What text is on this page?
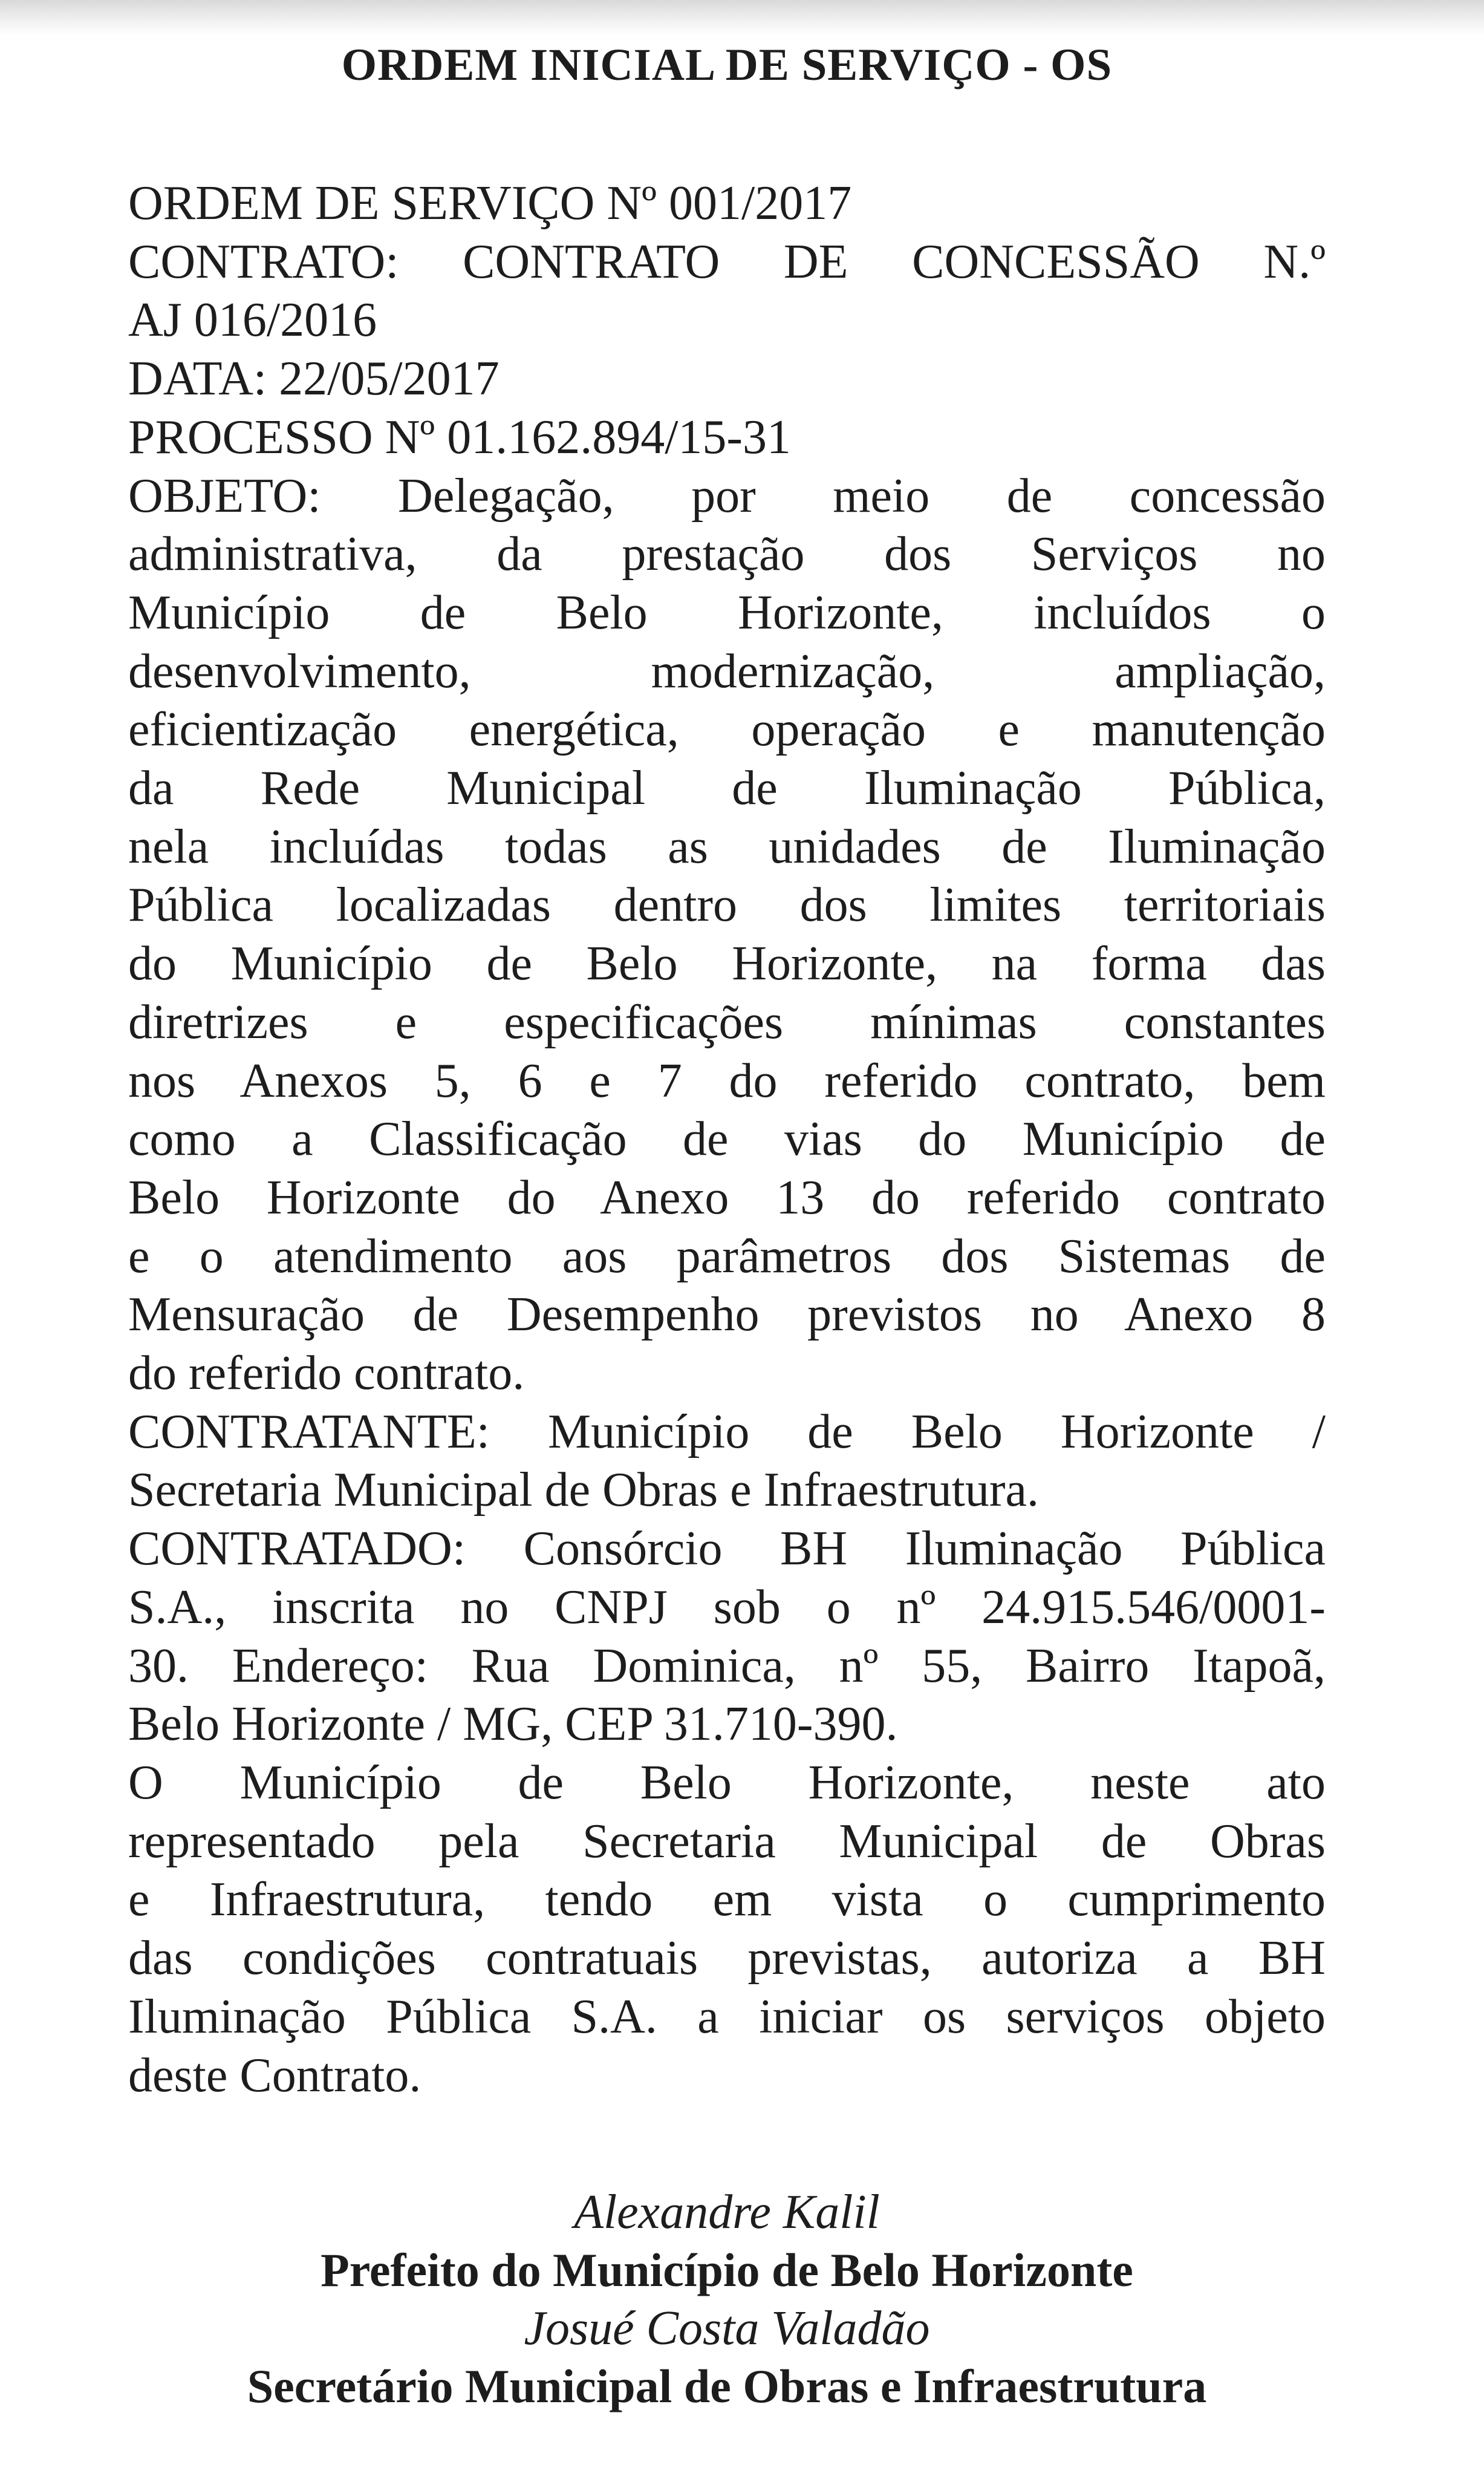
ORDEM INICIAL DE SERVIÇO - OS
ORDEM DE SERVIÇO Nº 001/2017
CONTRATO: CONTRATO DE CONCESSÃO N.º
AJ 016/2016
DATA: 22/05/2017
PROCESSO Nº 01.162.894/15-31
OBJETO: Delegação, por meio de concessão
administrativa, da prestação dos Serviços no
Município de Belo Horizonte, incluídos o
desenvolvimento, modernização, ampliação,
eficientização energética, operação e manutenção
da Rede Municipal de Iluminação Pública,
nela incluídas todas as unidades de Iluminação
Pública localizadas dentro dos limites territoriais
do Município de Belo Horizonte, na forma das
diretrizes e especificações mínimas constantes
nos Anexos 5, 6 e 7 do referido contrato, bem
como a Classificação de vias do Município de
Belo Horizonte do Anexo 13 do referido contrato
e o atendimento aos parâmetros dos Sistemas de
Mensuração de Desempenho previstos no Anexo 8
do referido contrato.
CONTRATANTE: Município de Belo Horizonte /
Secretaria Municipal de Obras e Infraestrutura.
CONTRATADO: Consórcio BH Iluminação Pública
S.A., inscrita no CNPJ sob o nº 24.915.546/0001-
30. Endereço: Rua Dominica, nº 55, Bairro Itapoã,
Belo Horizonte / MG, CEP 31.710-390.
O Município de Belo Horizonte, neste ato
representado pela Secretaria Municipal de Obras
e Infraestrutura, tendo em vista o cumprimento
das condições contratuais previstas, autoriza a BH
Iluminação Pública S.A. a iniciar os serviços objeto
deste Contrato.
Alexandre Kalil
Prefeito do Município de Belo Horizonte
Josué Costa Valadão
Secretário Municipal de Obras e Infraestrutura
